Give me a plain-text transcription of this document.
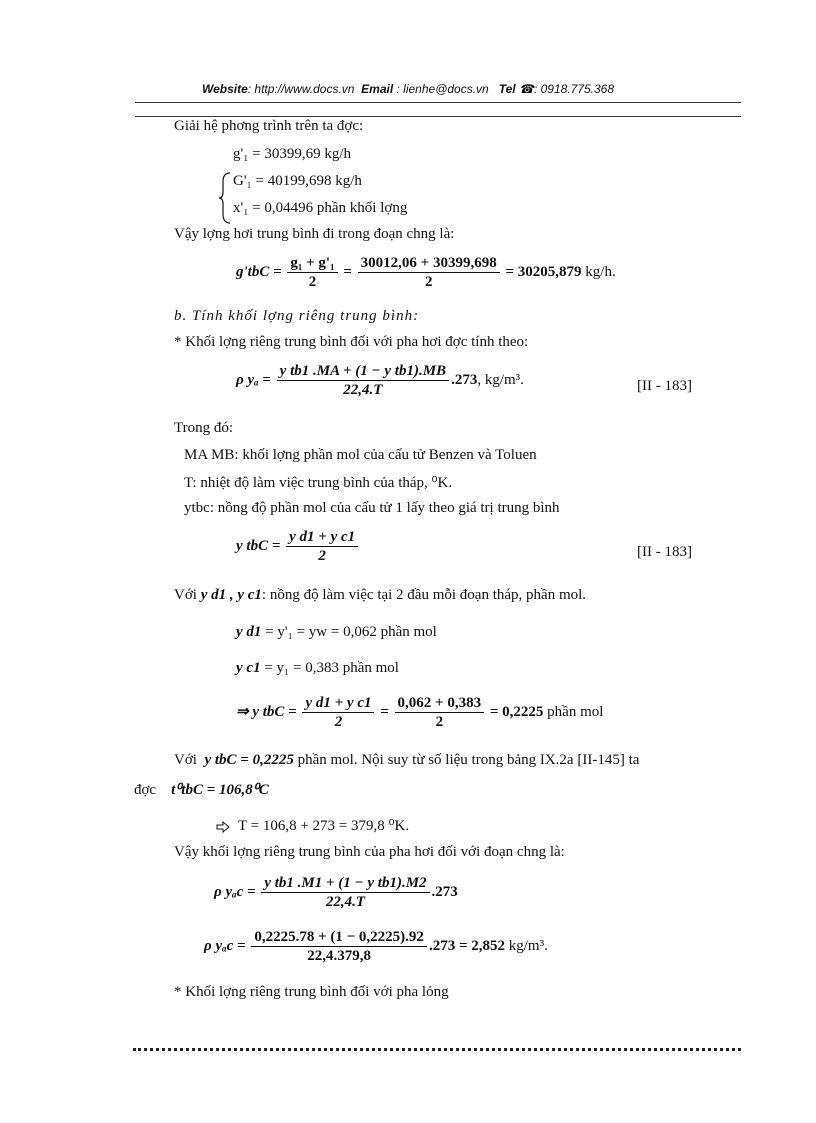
Website: http://www.docs.vn Email : lienhe@docs.vn Tel ☎: 0918.775.368
Giải hệ phơng trình trên ta đợc:
g'₁ = 30399,69 kg/h
G'₁ = 40199,698 kg/h
x'₁ = 0,04496 phần khối lợng
Vậy lợng hơi trung bình đi trong đoạn chng là:
$g'tbC = \frac{\text{g₁ + g'₁}}{2} = \frac{30012,06 + 30399,698}{2} = 30205,879$ kg/h.
b. Tính khối lợng riêng trung bình:
* Khối lợng riêng trung bình đối với pha hơi đợc tính theo:
ρ $y_a = \frac{\text{y tb1 .MA + (1 − y tb1).MB}}{22,4.T} .273$, kg/m³.	[II - 183]
Trong đó:
MA MB: khối lợng phần mol của cấu tử Benzen và Toluen
T: nhiệt độ làm việc trung bình của tháp, ⁰K.
ytbc: nồng độ phần mol của cấu tử 1 lấy theo giá trị trung bình
y tbC = $\frac{\text{y d1 + y c1}}{2}$	[II - 183]
Với y d1 , y c1: nồng độ làm việc tại 2 đầu mỗi đoạn tháp, phần mol.
y d1 = y'₁ = yw = 0,062 phần mol
y c1 = y₁ = 0,383 phần mol
⇒ y tbC = $\frac{\text{y d1 + y c1}}{2} = \frac{0,062 + 0,383}{2} = 0,2225$ phần mol
Với y tbC = 0,2225 phần mol. Nội suy từ số liệu trong bảng IX.2a [II-145] ta
đợc t⁰tbC = 106,8⁰C
T = 106,8 + 273 = 379,8 ⁰K.
Vậy khối lợng riêng trung bình của pha hơi đối với đoạn chng là:
ρ $y_ac = \frac{\text{y tb1 .M1 + (1 − y tb1).M2}}{22,4.T} .273$
ρ $y_ac = \frac{0,2225.78 + (1 - 0,2225).92}{22,4.379,8} .273 = 2,852$ kg/m³.
* Khối lợng riêng trung bình đối với pha lỏng
